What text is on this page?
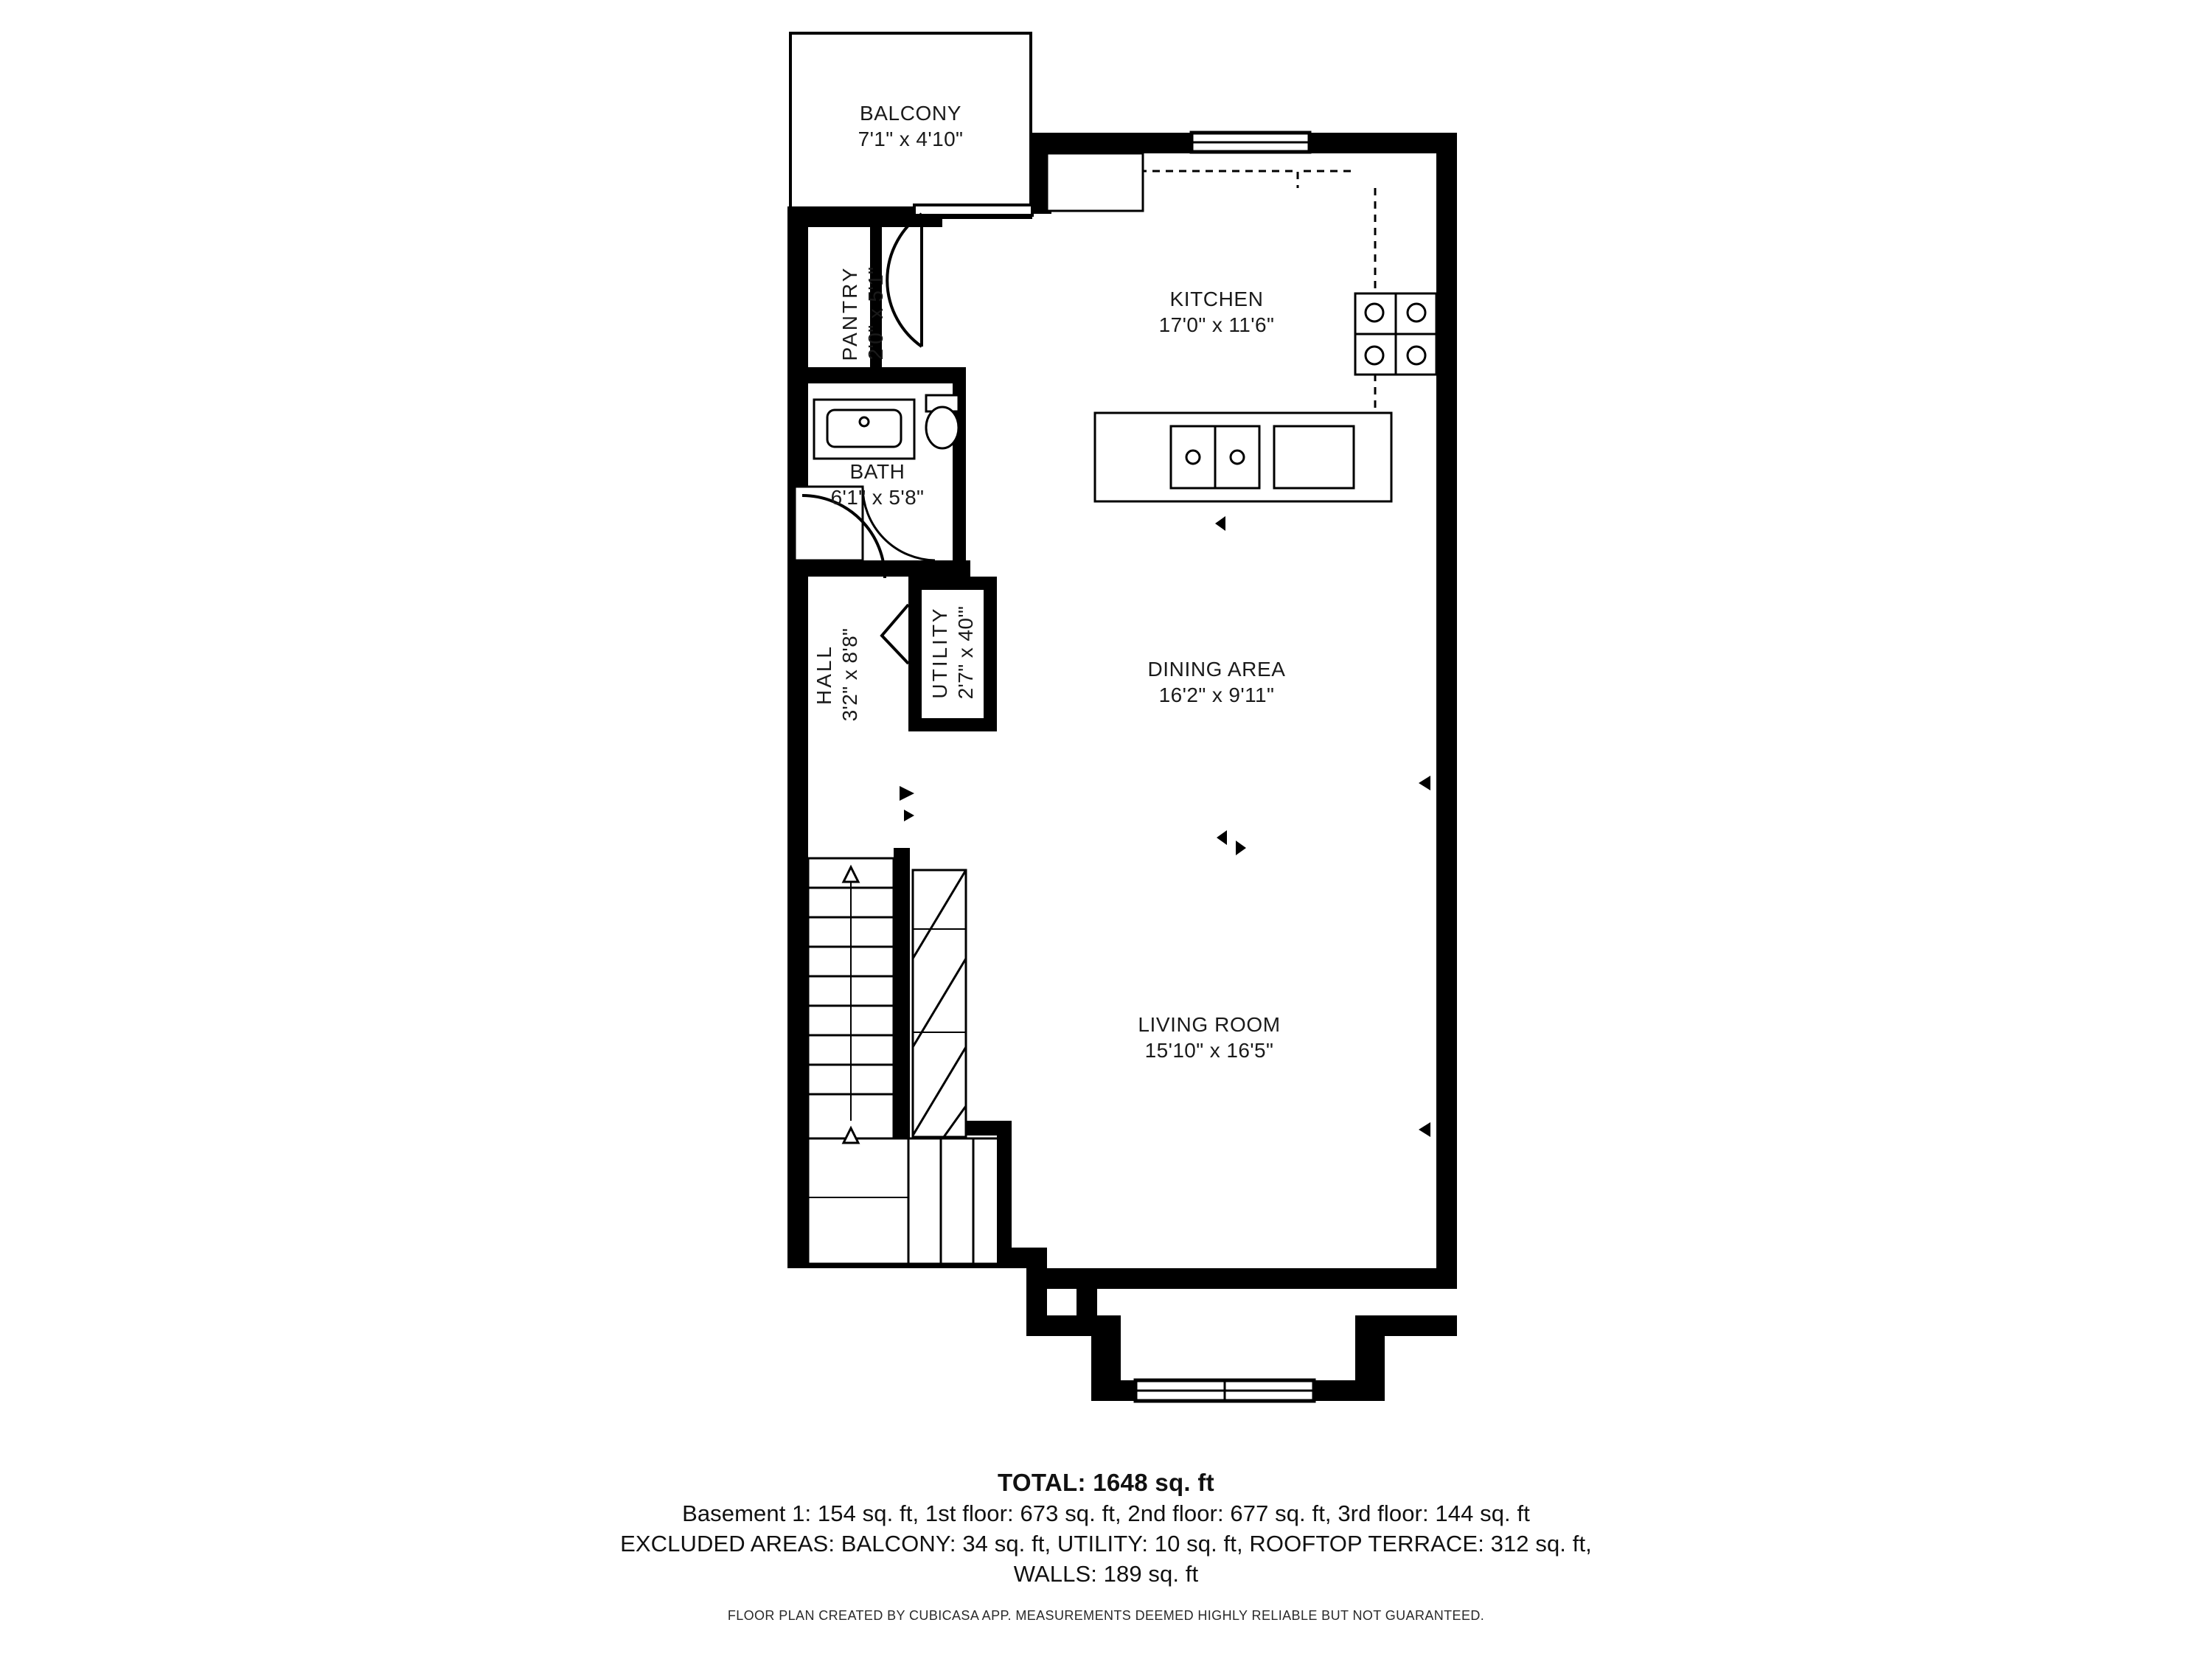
BALCONY
7'1" x 4'10"
KITCHEN
17'0" x 11'6"
PANTRY 2'0" x 5'1"
BATH
6'1" x 5'8"
UTILITY 2'7" x 40'"
HALL 3'2" x 8'8"	DINING AREA
16'2" x 9'11"
LIVING ROOM
15'10" x 16'5"
TOTAL: 1648 sq. ft
Basement 1: 154 sq. ft, 1st floor: 673 sq. ft, 2nd floor: 677 sq. ft, 3rd floor: 144 sq. ft
EXCLUDED AREAS: BALCONY: 34 sq. ft, UTILITY: 10 sq. ft, ROOFTOP TERRACE: 312 sq. ft,
WALLS: 189 sq. ft
FLOOR PLAN CREATED BY CUBICASA APP. MEASUREMENTS DEEMED HIGHLY RELIABLE BUT NOT GUARANTEED.
